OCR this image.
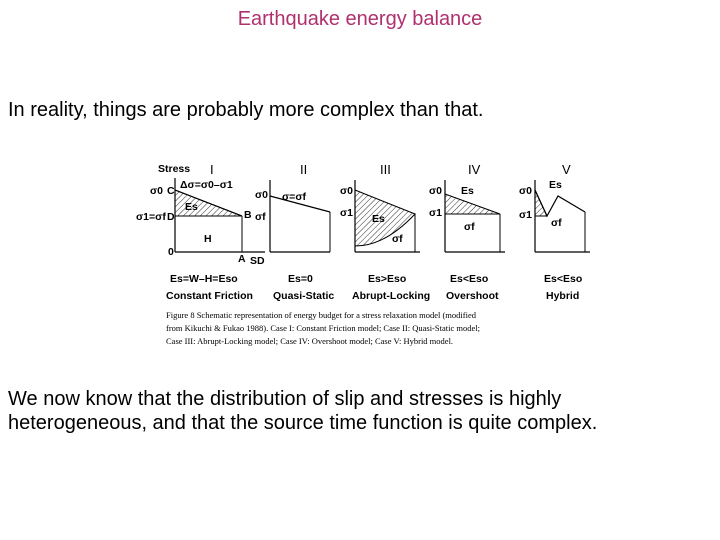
Earthquake energy balance
In reality, things are probably more complex than that.
Stress I
σ0 C Δσ=σ0–σ1
Es
σ1=σf D	B
H
0
A SD
Es=W–H=Eso
Constant Friction
II
σ0 σ=σf
σf
Es=0
Quasi-Static
III
σ0
σ1 Es
σf
Es>Eso
Abrupt-Locking
IV
σ0 Es
σ1
σf
Es<Eso
Overshoot
V
σ0 Es
σ1
σf
Es<Eso
Hybrid
Figure 8 Schematic representation of energy budget for a stress relaxation model (modified
from Kikuchi & Fukao 1988). Case I: Constant Friction model; Case II: Quasi-Static model;
Case III: Abrupt-Locking model; Case IV: Overshoot model; Case V: Hybrid model.
We now know that the distribution of slip and stresses is highly
heterogeneous, and that the source time function is quite complex.
